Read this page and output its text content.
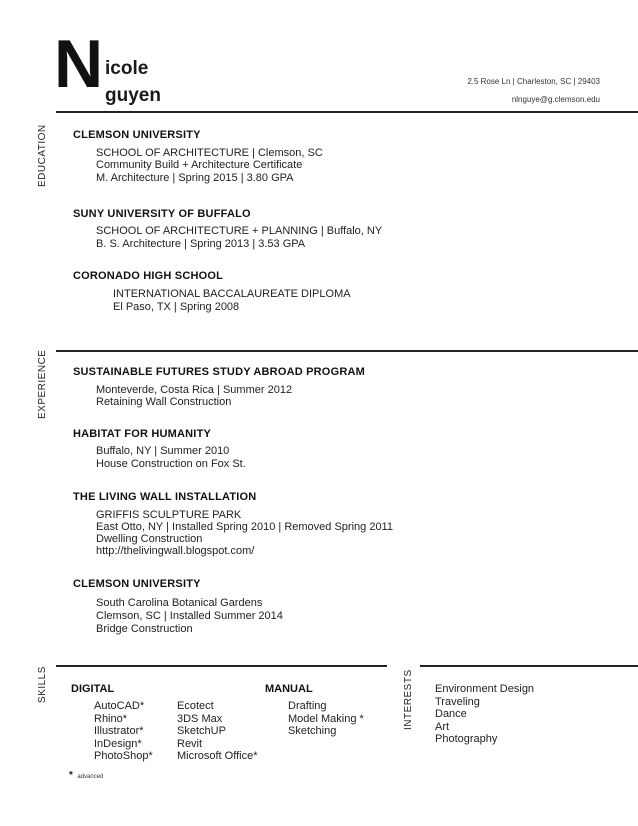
N icole
guyen
2.5 Rose Ln | Charleston, SC | 29403
nlnguye@g.clemson.edu
EDUCATION CLEMSON UNIVERSITY
SCHOOL OF ARCHITECTURE | Clemson, SC
Community Build + Architecture Certificate
M. Architecture | Spring 2015 | 3.80 GPA
SUNY UNIVERSITY OF BUFFALO
SCHOOL OF ARCHITECTURE + PLANNING | Buffalo, NY
B. S. Architecture | Spring 2013 | 3.53 GPA
CORONADO HIGH SCHOOL
INTERNATIONAL BACCALAUREATE DIPLOMA
El Paso, TX | Spring 2008
EXPERIENCE SUSTAINABLE FUTURES STUDY ABROAD PROGRAM
Monteverde, Costa Rica | Summer 2012
Retaining Wall Construction
HABITAT FOR HUMANITY
Buffalo, NY | Summer 2010
House Construction on Fox St.
THE LIVING WALL INSTALLATION
GRIFFIS SCULPTURE PARK
East Otto, NY | Installed Spring 2010 | Removed Spring 2011
Dwelling Construction
http://thelivingwall.blogspot.com/
CLEMSON UNIVERSITY
South Carolina Botanical Gardens
Clemson, SC | Installed Summer 2014
Bridge Construction
SKILLS	INTERESTS
DIGITAL	MANUAL
AutoCAD*
Rhino*
Illustrator*
InDesign*
PhotoShop*
Ecotect
3DS Max
SketchUP
Revit
Microsoft Office*
Drafting
Model Making *
Sketching
* advanced
Environment Design
Traveling
Dance
Art
Photography
